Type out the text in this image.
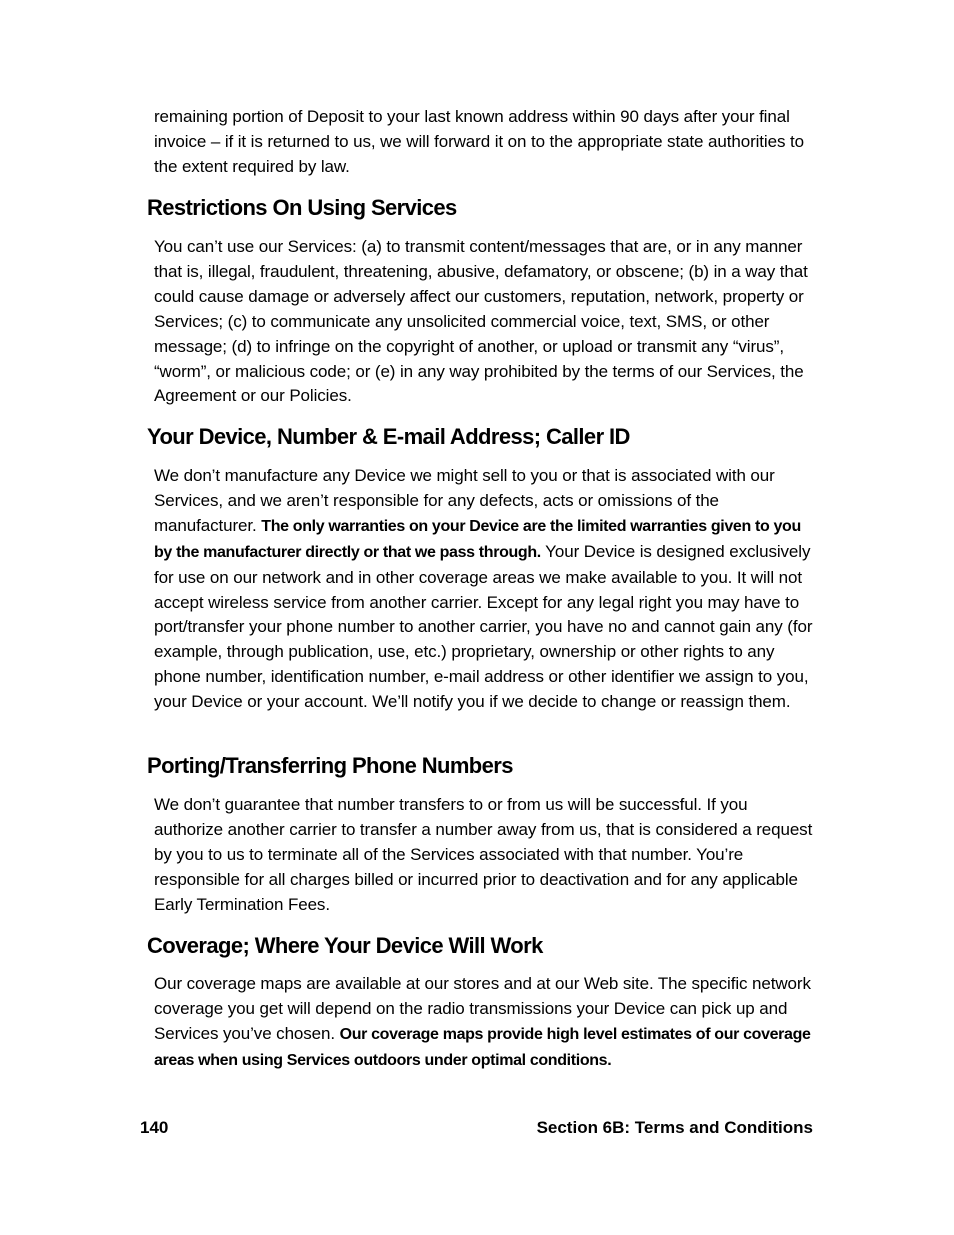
remaining portion of Deposit to your last known address within 90 days after your final invoice – if it is returned to us, we will forward it on to the appropriate state authorities to the extent required by law.

Restrictions On Using Services

You can’t use our Services: (a) to transmit content/messages that are, or in any manner that is, illegal, fraudulent, threatening, abusive, defamatory, or obscene; (b) in a way that could cause damage or adversely affect our customers, reputation, network, property or Services; (c) to communicate any unsolicited commercial voice, text, SMS, or other message; (d) to infringe on the copyright of another, or upload or transmit any “virus”, “worm”, or malicious code; or (e) in any way prohibited by the terms of our Services, the Agreement or our Policies.

Your Device, Number & E-mail Address; Caller ID

We don’t manufacture any Device we might sell to you or that is associated with our Services, and we aren’t responsible for any defects, acts or omissions of the manufacturer. The only warranties on your Device are the limited warranties given to you by the manufacturer directly or that we pass through. Your Device is designed exclusively for use on our network and in other coverage areas we make available to you. It will not accept wireless service from another carrier. Except for any legal right you may have to port/transfer your phone number to another carrier, you have no and cannot gain any (for example, through publication, use, etc.) proprietary, ownership or other rights to any phone number, identification number, e-mail address or other identifier we assign to you, your Device or your account. We’ll notify you if we decide to change or reassign them.

Porting/Transferring Phone Numbers

We don’t guarantee that number transfers to or from us will be successful. If you authorize another carrier to transfer a number away from us, that is considered a request by you to us to terminate all of the Services associated with that number. You’re responsible for all charges billed or incurred prior to deactivation and for any applicable Early Termination Fees.

Coverage; Where Your Device Will Work

Our coverage maps are available at our stores and at our Web site. The specific network coverage you get will depend on the radio transmissions your Device can pick up and Services you’ve chosen. Our coverage maps provide high level estimates of our coverage areas when using Services outdoors under optimal conditions.

140	Section 6B: Terms and Conditions
